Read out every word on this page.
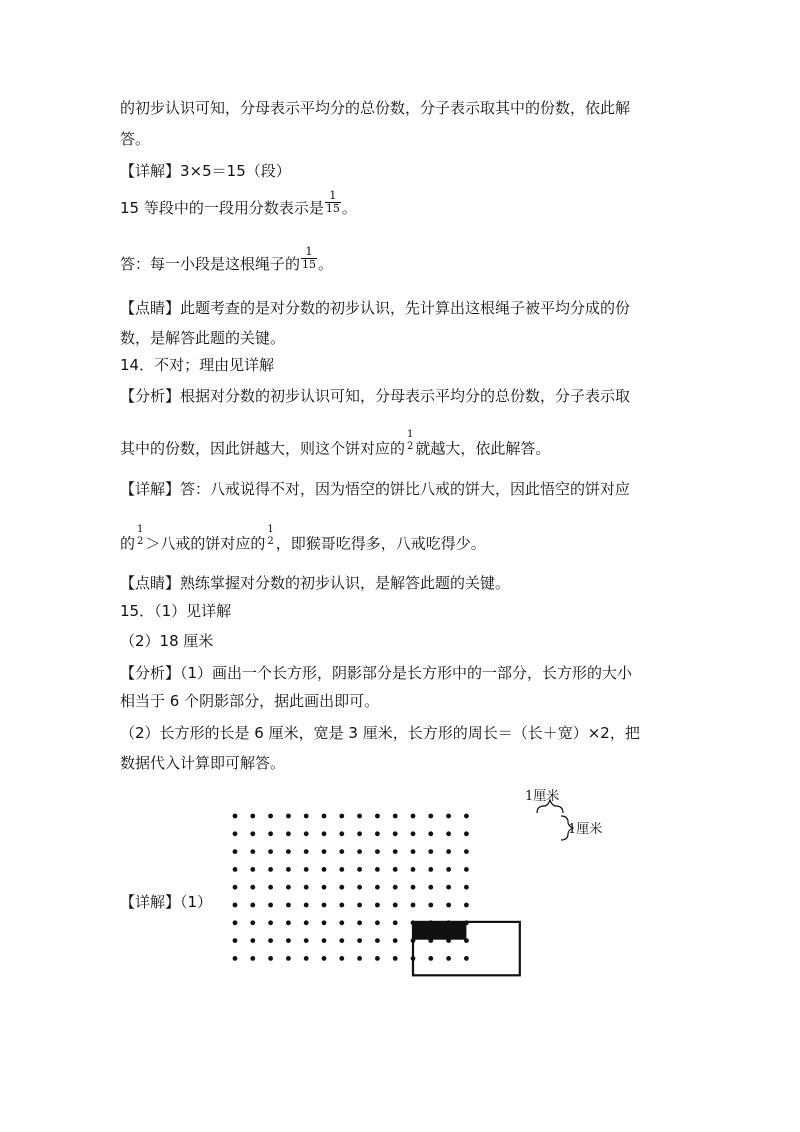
的初步认识可知，分母表示平均分的总份数，分子表示取其中的份数，依此解
答。
【详解】3×5＝15（段）
15 等段中的一段用分数表示是 $\frac{1}{15}$ 。
答：每一小段是这根绳子的 $\frac{1}{15}$ 。
【点睛】此题考查的是对分数的初步认识，先计算出这根绳子被平均分成的份
数，是解答此题的关键。
14．不对；理由见详解
【分析】根据对分数的初步认识可知，分母表示平均分的总份数，分子表示取
其中的份数，因此饼越大，则这个饼对应的
1
2 就越大，依此解答。
【详解】答：八戒说得不对，因为悟空的饼比八戒的饼大，因此悟空的饼对应
的
1
2 ＞八戒的饼对应的
1
2 ，即猴哥吃得多，八戒吃得少。
【点睛】熟练掌握对分数的初步认识，是解答此题的关键。
15．（1）见详解
（2）18 厘米
【分析】（1）画出一个长方形，阴影部分是长方形中的一部分，长方形的大小
相当于 6 个阴影部分，据此画出即可。
（2）长方形的长是 6 厘米，宽是 3 厘米，长方形的周长＝（长＋宽）×2，把
数据代入计算即可解答。
【详解】（1）
1厘米
1厘米
